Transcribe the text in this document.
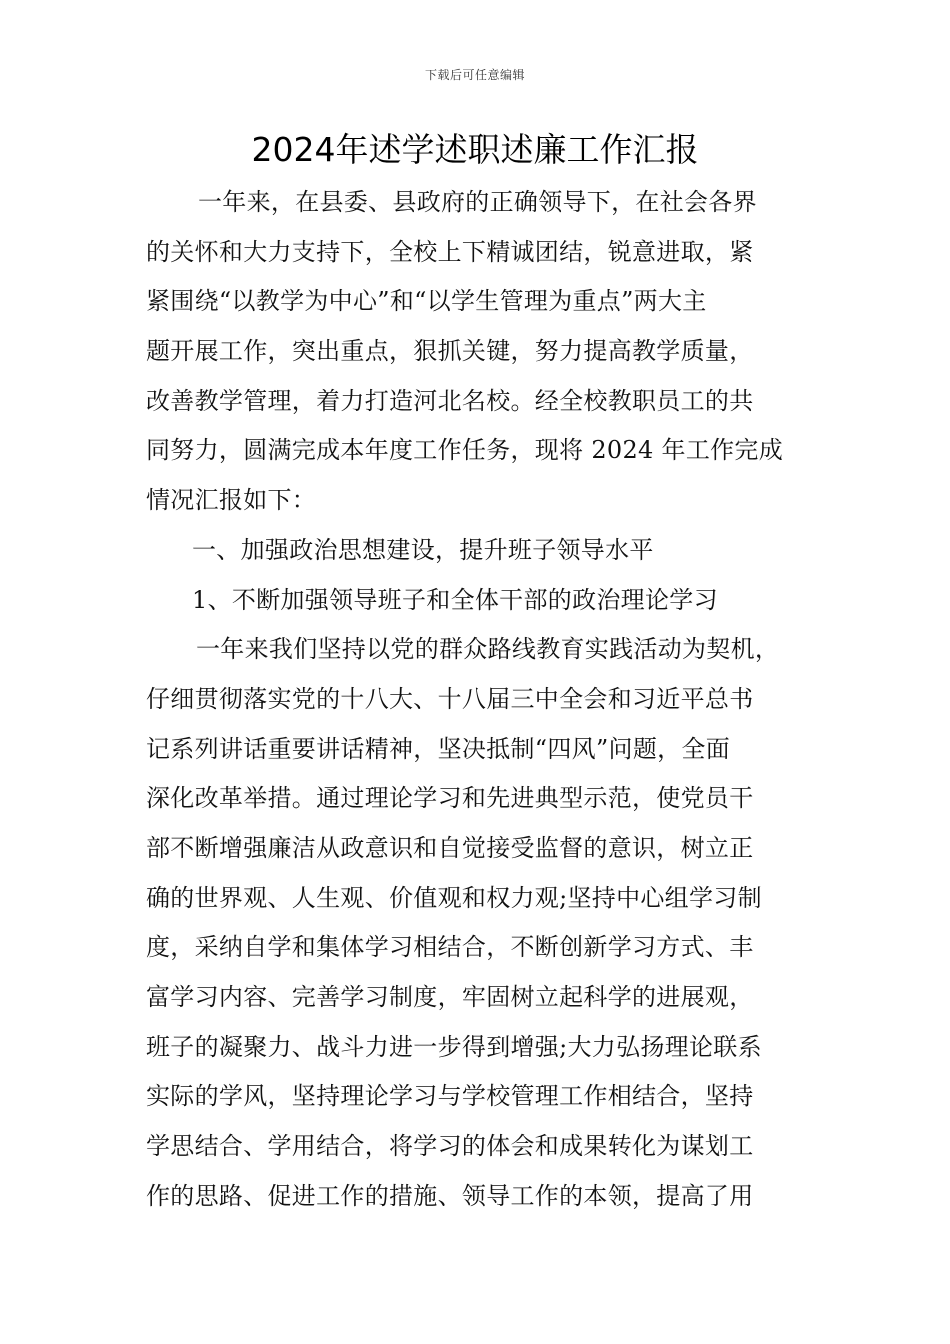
下载后可任意编辑
2024年述学述职述廉工作汇报
一年来，在县委、县政府的正确领导下，在社会各界
的关怀和大力支持下，全校上下精诚团结，锐意进取，紧
紧围绕“以教学为中心”和“以学生管理为重点”两大主
题开展工作，突出重点，狠抓关键，努力提高教学质量，
改善教学管理，着力打造河北名校。经全校教职员工的共
同努力，圆满完成本年度工作任务，现将 2024 年工作完成
情况汇报如下：
一、加强政治思想建设，提升班子领导水平
1、不断加强领导班子和全体干部的政治理论学习
一年来我们坚持以党的群众路线教育实践活动为契机，
仔细贯彻落实党的十八大、十八届三中全会和习近平总书
记系列讲话重要讲话精神，坚决抵制“四风”问题，全面
深化改革举措。通过理论学习和先进典型示范，使党员干
部不断增强廉洁从政意识和自觉接受监督的意识，树立正
确的世界观、人生观、价值观和权力观;坚持中心组学习制
度，采纳自学和集体学习相结合，不断创新学习方式、丰
富学习内容、完善学习制度，牢固树立起科学的进展观，
班子的凝聚力、战斗力进一步得到增强;大力弘扬理论联系
实际的学风，坚持理论学习与学校管理工作相结合，坚持
学思结合、学用结合，将学习的体会和成果转化为谋划工
作的思路、促进工作的措施、领导工作的本领，提高了用
